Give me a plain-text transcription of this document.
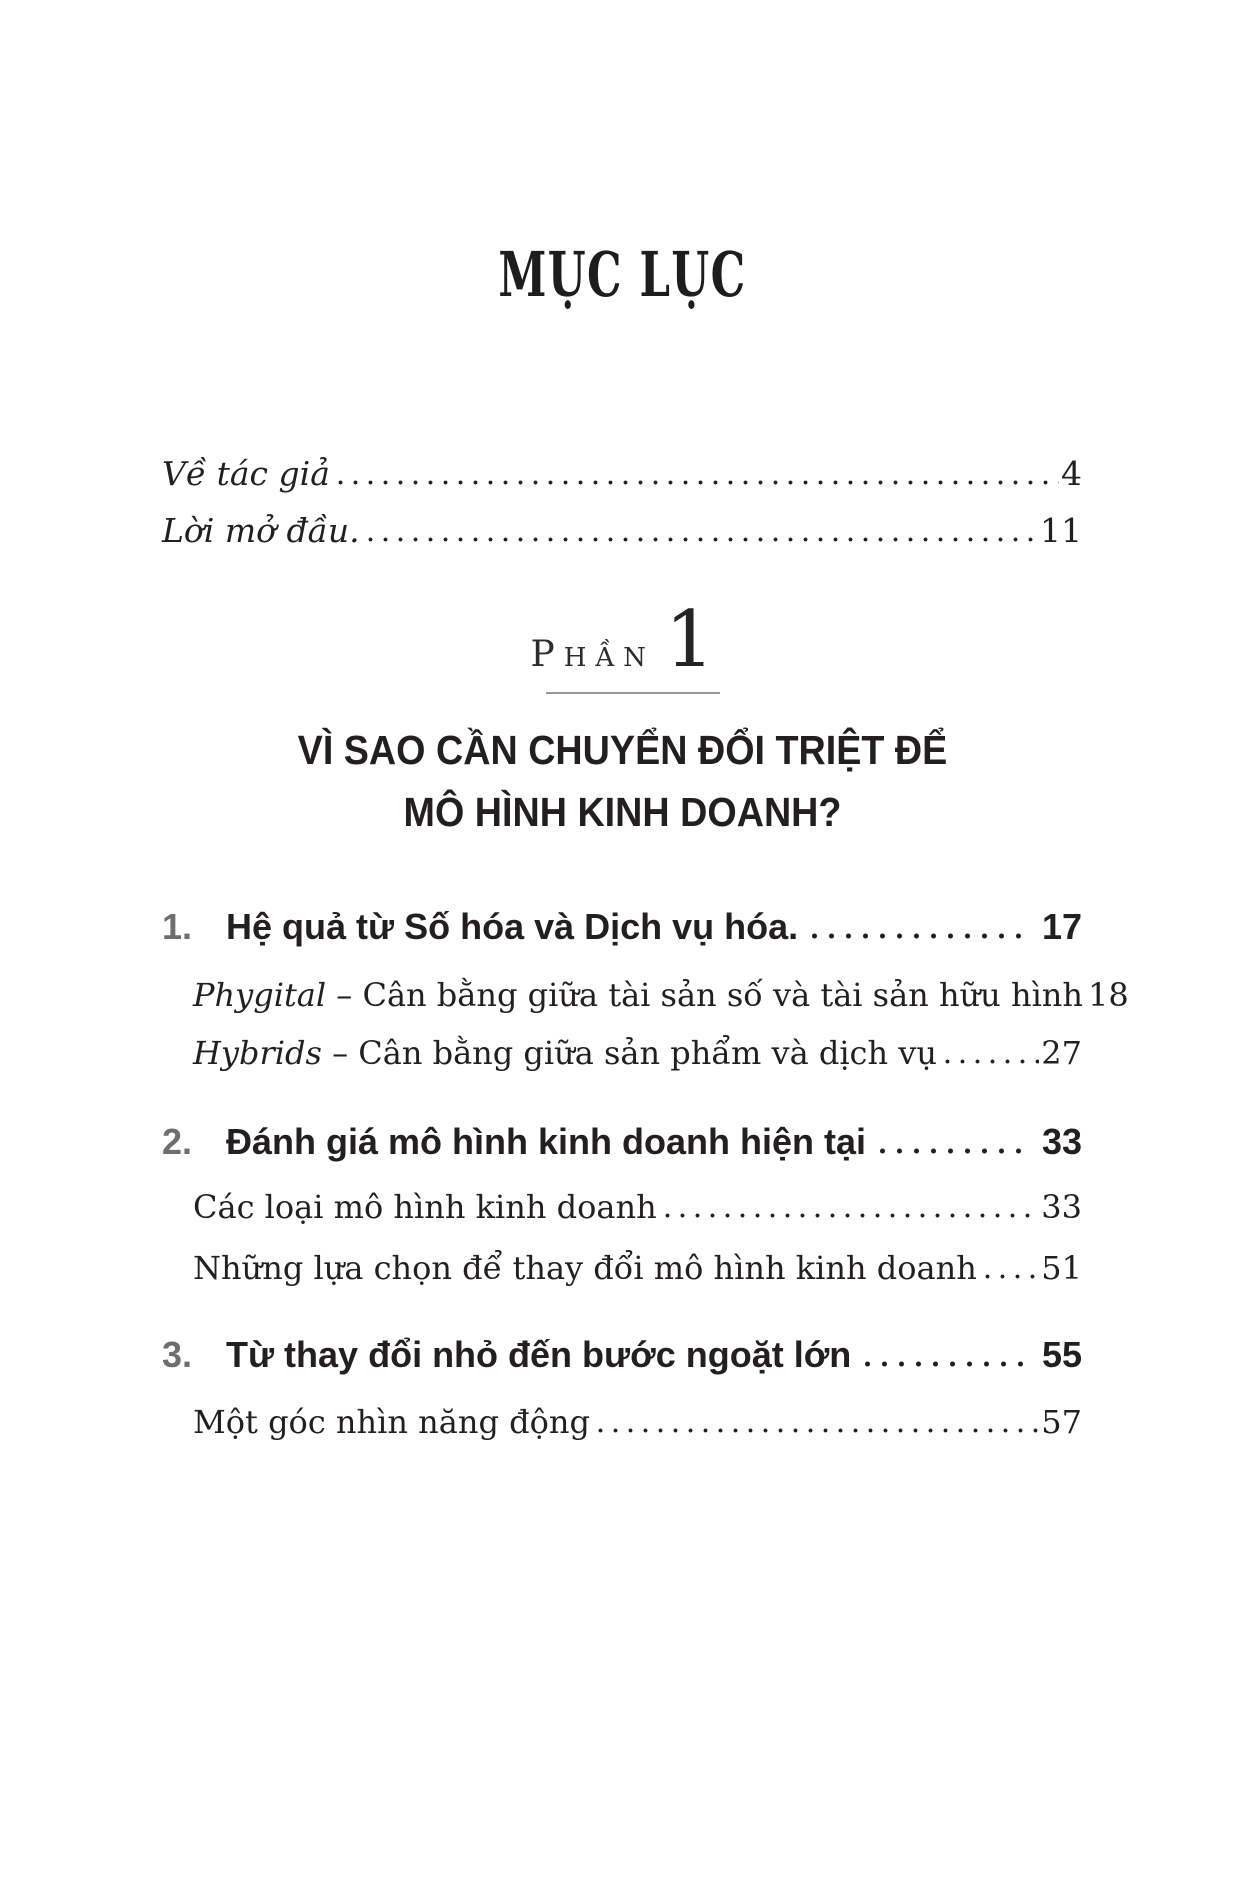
MỤC LỤC
Về tác giả	4
Lời mở đầu.	11
P HẦN 1
VÌ SAO CẦN CHUYỂN ĐỔI TRIỆT ĐỂ
MÔ HÌNH KINH DOANH?
1. Hệ quả từ Số hóa và Dịch vụ hóa.	17
Phygital – Cân bằng giữa tài sản số và tài sản hữu hình 18
Hybrids – Cân bằng giữa sản phẩm và dịch vụ	27
2. Đánh giá mô hình kinh doanh hiện tại	33
Các loại mô hình kinh doanh	33
Những lựa chọn để thay đổi mô hình kinh doanh 51
3. Từ thay đổi nhỏ đến bước ngoặt lớn	55
Một góc nhìn năng động	57
